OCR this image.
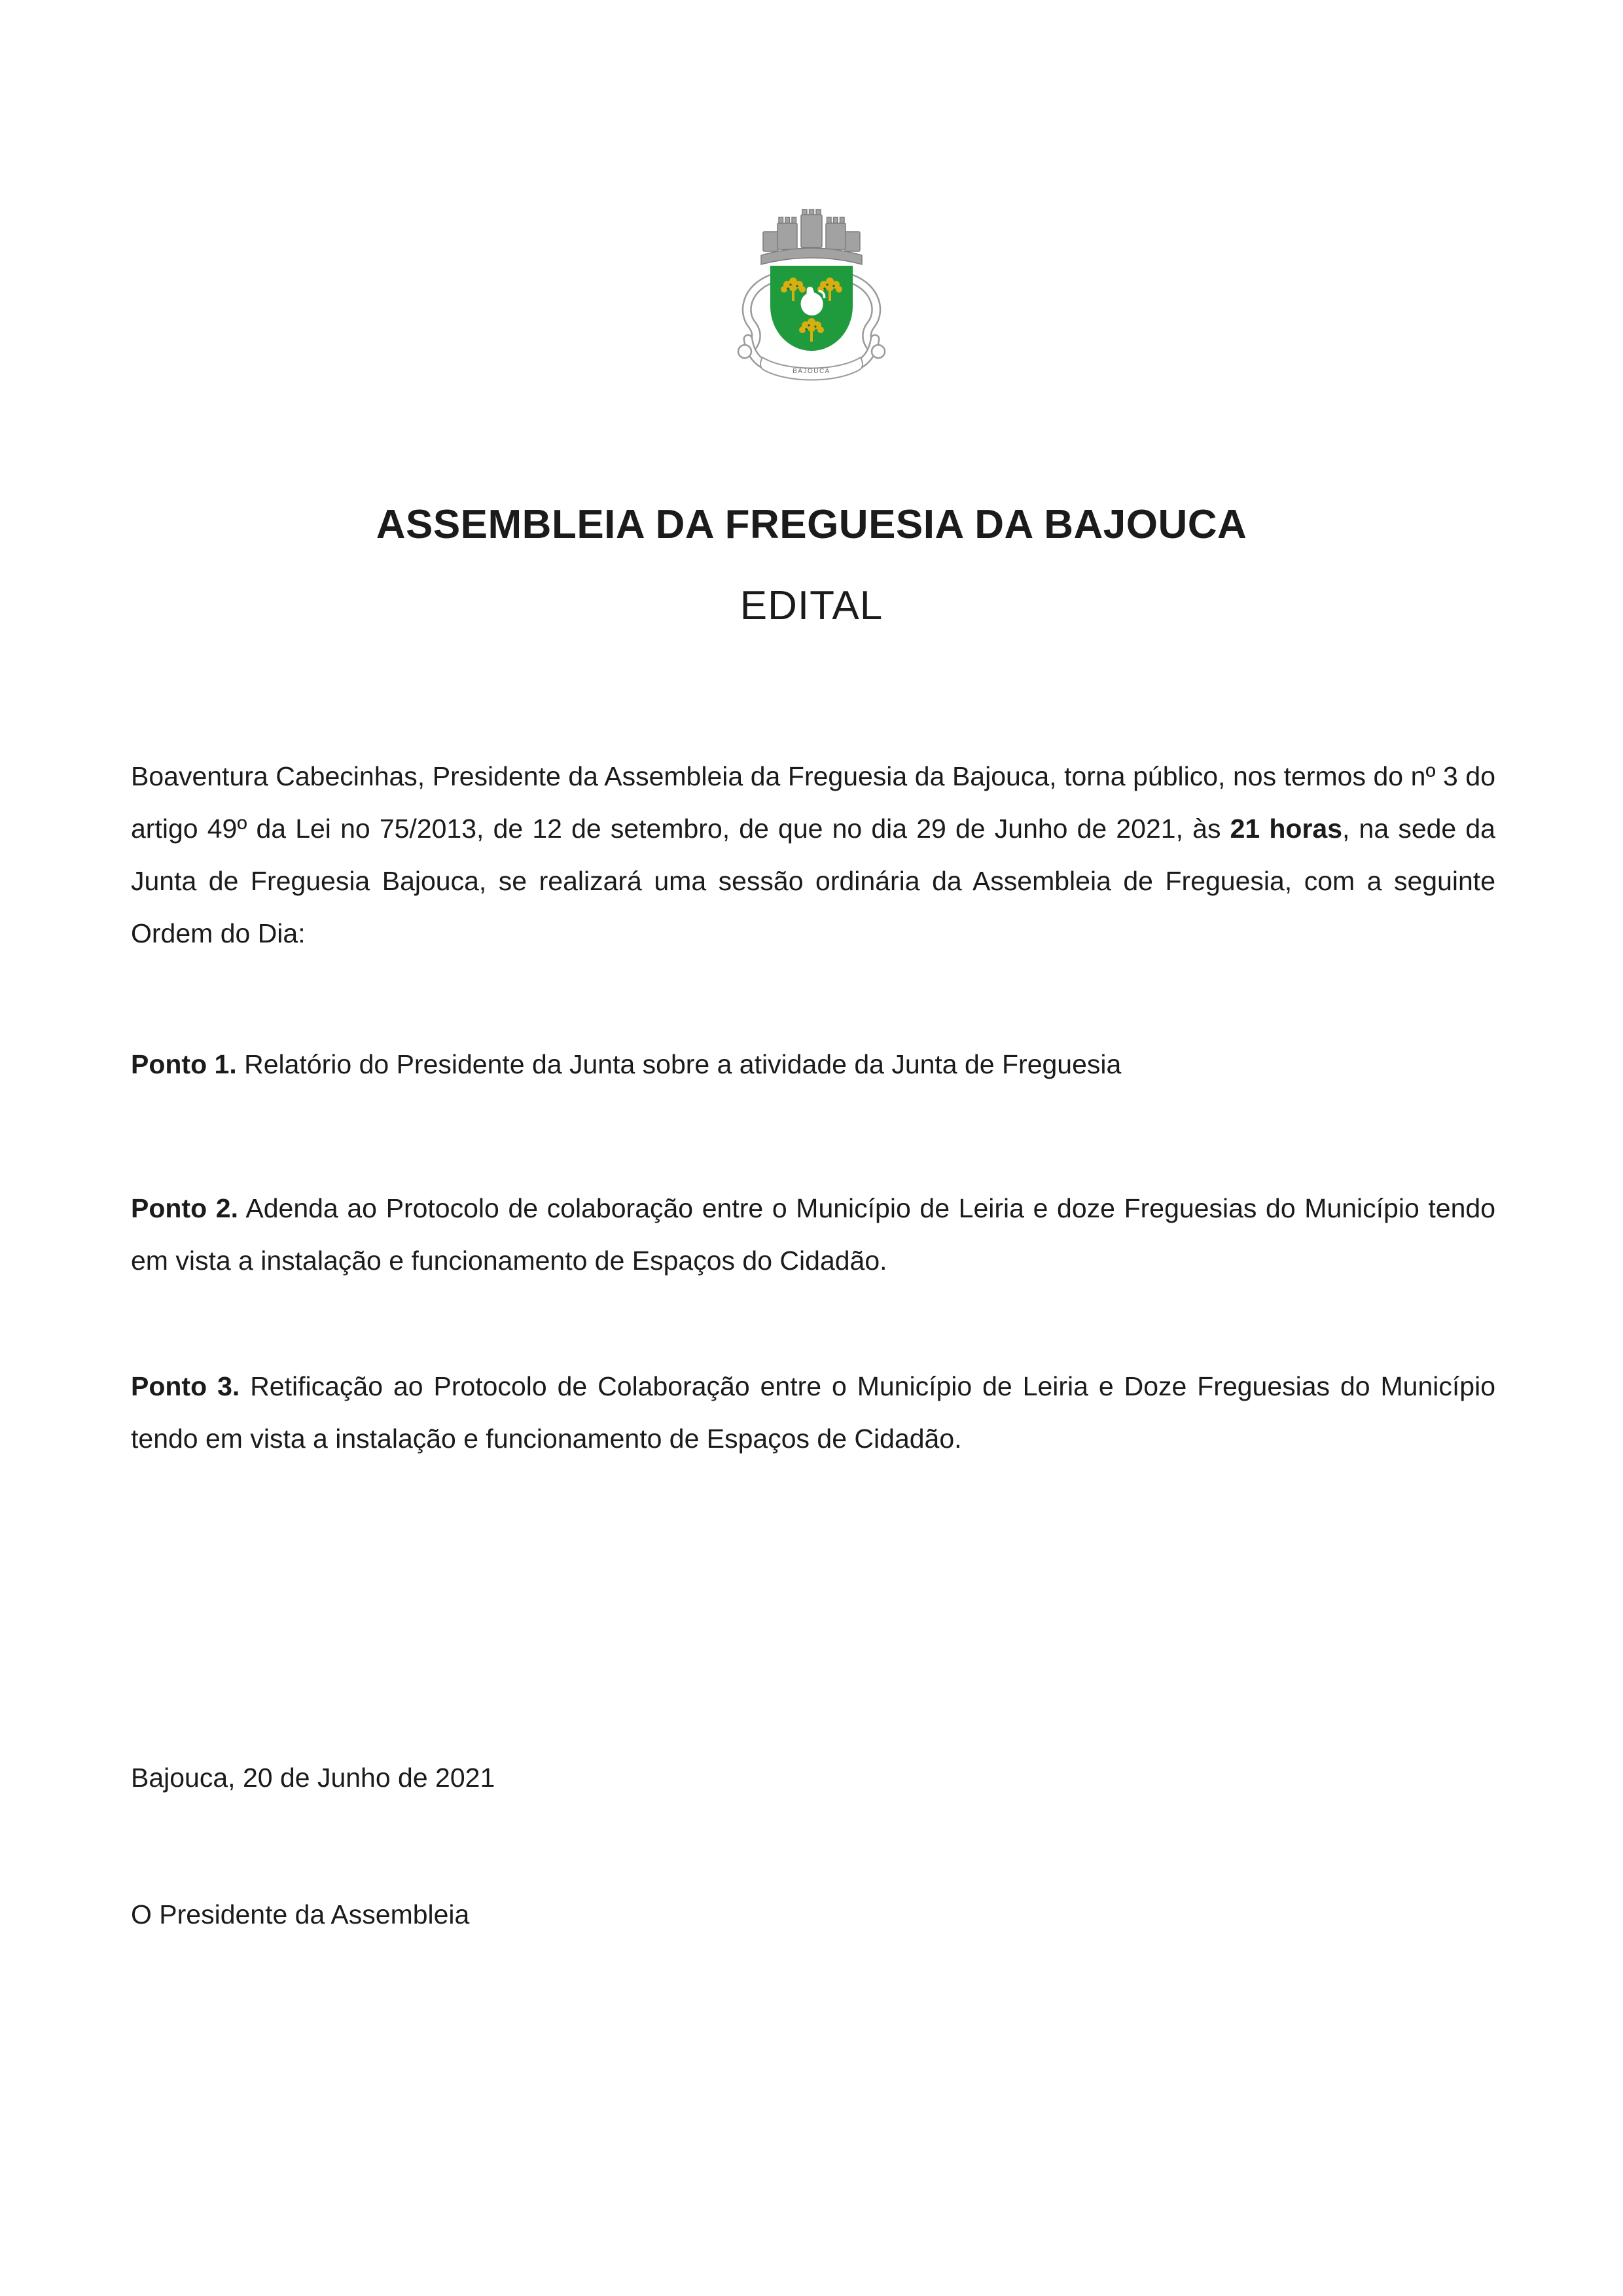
BAJOUCA
ASSEMBLEIA DA FREGUESIA DA BAJOUCA
EDITAL

Boaventura Cabecinhas, Presidente da Assembleia da Freguesia da Bajouca, torna público, nos termos do nº 3 do artigo 49º da Lei no 75/2013, de 12 de setembro, de que no dia 29 de Junho de 2021, às 21 horas, na sede da Junta de Freguesia Bajouca, se realizará uma sessão ordinária da Assembleia de Freguesia, com a seguinte Ordem do Dia:

Ponto 1. Relatório do Presidente da Junta sobre a atividade da Junta de Freguesia

Ponto 2. Adenda ao Protocolo de colaboração entre o Município de Leiria e doze Freguesias do Município tendo em vista a instalação e funcionamento de Espaços do Cidadão.

Ponto 3. Retificação ao Protocolo de Colaboração entre o Município de Leiria e Doze Freguesias do Município tendo em vista a instalação e funcionamento de Espaços de Cidadão.

Bajouca, 20 de Junho de 2021

O Presidente da Assembleia
